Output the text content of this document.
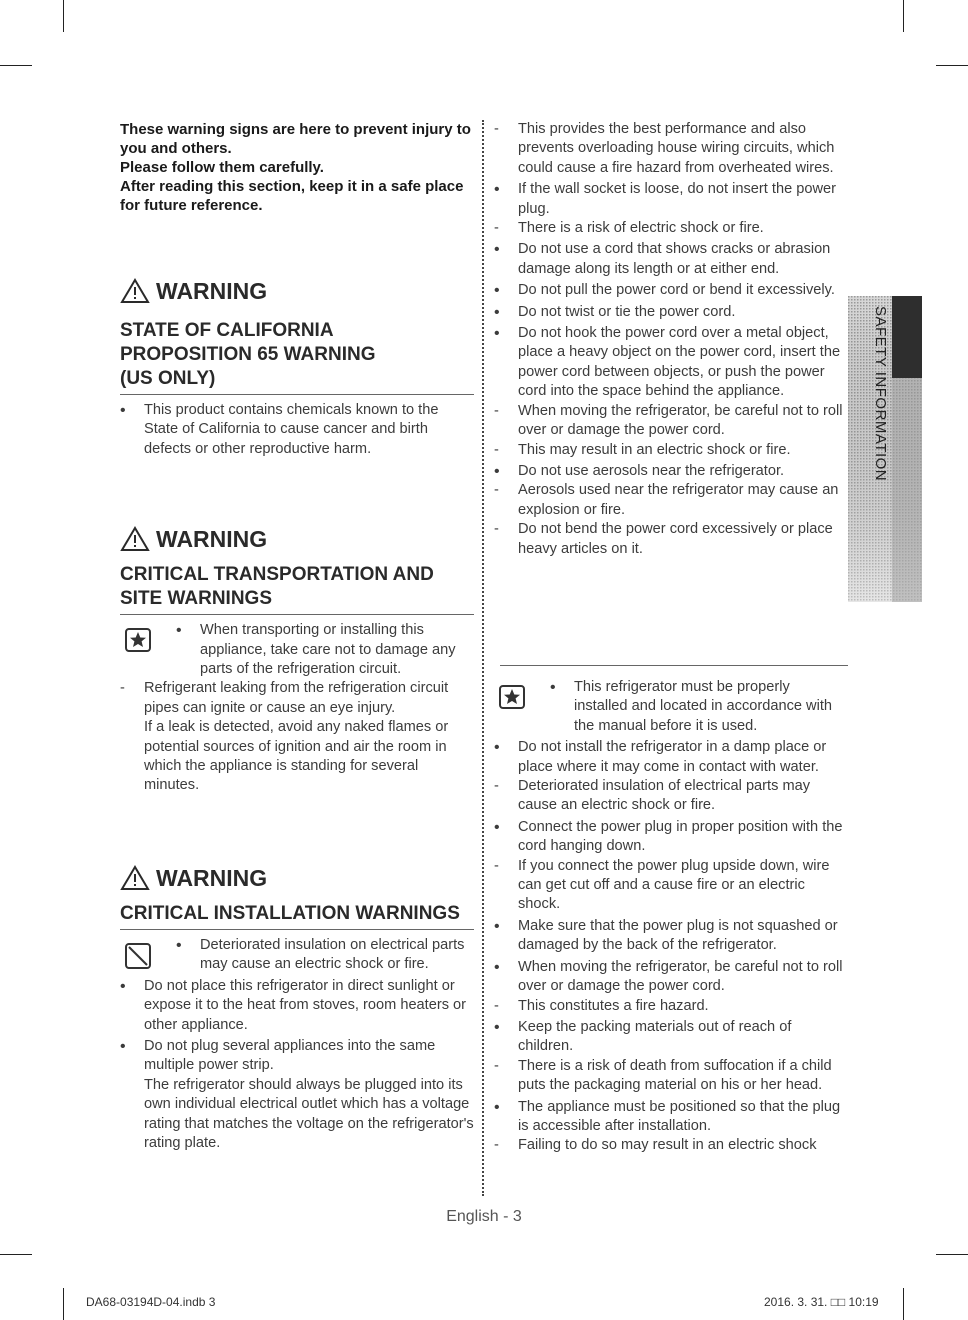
These warning signs are here to prevent injury to you and others.
Please follow them carefully.
After reading this section, keep it in a safe place for future reference.
WARNING
STATE OF CALIFORNIA
PROPOSITION 65 WARNING
(US ONLY)

•
This product contains chemicals known to the State of California to cause cancer and birth defects or other reproductive harm.

WARNING
CRITICAL TRANSPORTATION AND
SITE WARNINGS
• When transporting or installing this appliance, take care not to damage any parts of the refrigeration circuit.

-
Refrigerant leaking from the refrigeration circuit pipes can ignite or cause an eye injury.

If a leak is detected, avoid any naked flames or potential sources of ignition and air the room in which the appliance is standing for several minutes.

WARNING
CRITICAL INSTALLATION WARNINGS
• Deteriorated insulation on electrical parts may cause an electric shock or fire.

•
Do not place this refrigerator in direct sunlight or expose it to the heat from stoves, room heaters or other appliance.

•
Do not plug several appliances into the same multiple power strip.

The refrigerator should always be plugged into its own individual electrical outlet which has a voltage rating that matches the voltage on the refrigerator's rating plate.

-
This provides the best performance and also prevents overloading house wiring circuits, which could cause a fire hazard from overheated wires.

•
If the wall socket is loose, do not insert the power plug.

-
There is a risk of electric shock or fire.

•
Do not use a cord that shows cracks or abrasion damage along its length or at either end.

•
Do not pull the power cord or bend it excessively.

•
Do not twist or tie the power cord.

•
Do not hook the power cord over a metal object, place a heavy object on the power cord, insert the power cord between objects, or push the power cord into the space behind the appliance.

-
When moving the refrigerator, be careful not to roll over or damage the power cord.

-
This may result in an electric shock or fire.

•
Do not use aerosols near the refrigerator.

-
Aerosols used near the refrigerator may cause an explosion or fire.

-
Do not bend the power cord excessively or place heavy articles on it.

• This refrigerator must be properly installed and located in accordance with the manual before it is used.

•
Do not install the refrigerator in a damp place or place where it may come in contact with water.

-
Deteriorated insulation of electrical parts may cause an electric shock or fire.

•
Connect the power plug in proper position with the cord hanging down.

-
If you connect the power plug upside down, wire can get cut off and a cause fire or an electric shock.

•
Make sure that the power plug is not squashed or damaged by the back of the refrigerator.

•
When moving the refrigerator, be careful not to roll over or damage the power cord.

-
This constitutes a fire hazard.

•
Keep the packing materials out of reach of children.

-
There is a risk of death from suffocation if a child puts the packaging material on his or her head.

•
The appliance must be positioned so that the plug is accessible after installation.

-
Failing to do so may result in an electric shock

SAFETY INFORMATION
English - 3
DA68-03194D-04.indb 3	2016. 3. 31. □□ 10:19
